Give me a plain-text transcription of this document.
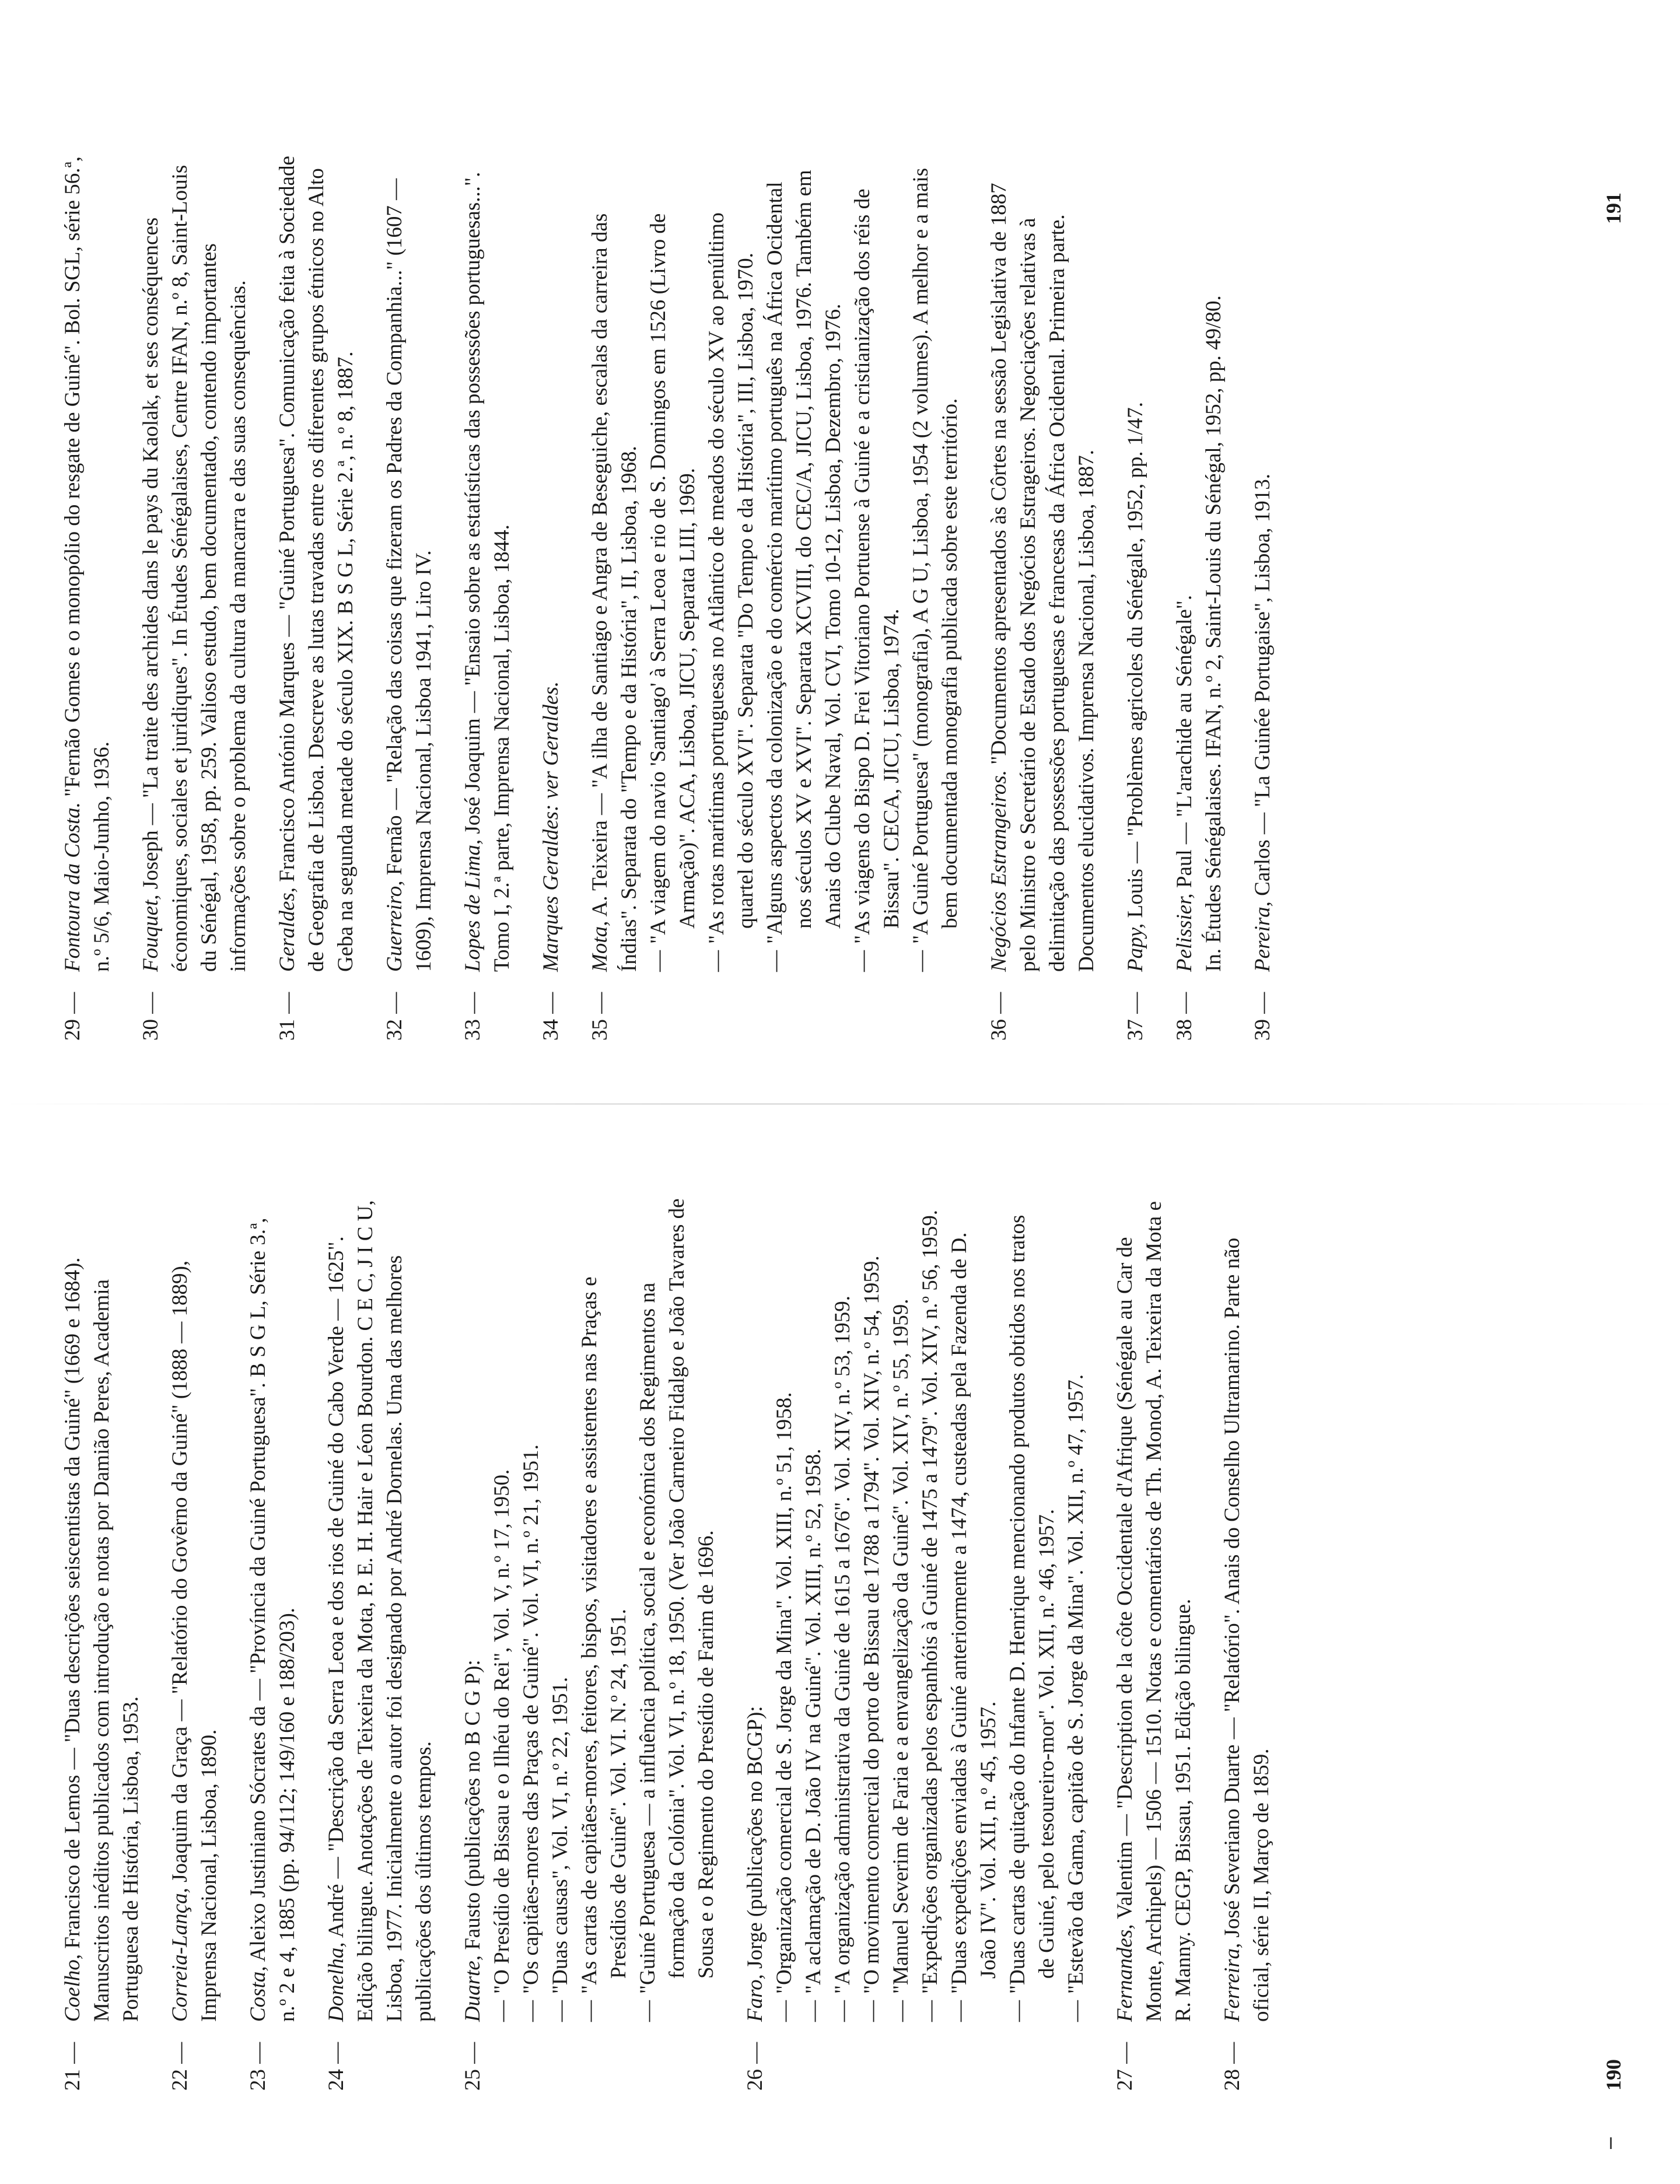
21 —

Coelho, Francisco de Lemos — "Duas descrições seiscentistas da Guiné" (1669 e 1684). Manuscritos inéditos publicados com introdução e notas por Damião Peres, Academia Portuguesa de História, Lisboa, 1953.

22 —

Correia-Lança, Joaquim da Graça — "Relatório do Govêrno da Guiné" (1888 — 1889), Imprensa Nacional, Lisboa, 1890.

23 —

Costa, Aleixo Justiniano Sócrates da — "Província da Guiné Portuguesa". B S G L, Série 3.ª, n.º 2 e 4, 1885 (pp. 94/112; 149/160 e 188/203).

24 —

Donelha, André — "Descrição da Serra Leoa e dos rios de Guiné do Cabo Verde — 1625". Edição bilingue. Anotações de Teixeira da Mota, P. E. H. Hair e Léon Bourdon. C E C, J I C U, Lisboa, 1977. Inicialmente o autor foi designado por André Dornelas. Uma das melhores publicações dos últimos tempos.

25 —

Duarte, Fausto (publicações no B C G P):

—
"O Presídio de Bissau e o Ilhéu do Rei", Vol. V, n.º 17, 1950.
—
"Os capitães-mores das Praças de Guiné". Vol. VI, n.º 21, 1951.
—
"Duas causas", Vol. VI, n.º 22, 1951.
—
"As cartas de capitães-mores, feitores, bispos, visitadores e assistentes nas Praças e Presídios de Guiné". Vol. VI. N.º 24, 1951.
—
"Guiné Portuguesa — a influência política, social e económica dos Regimentos na formação da Colónia". Vol. VI, n.º 18, 1950. (Ver João Carneiro Fidalgo e João Tavares de Sousa e o Regimento do Presídio de Farim de 1696.
26 —

Faro, Jorge (publicações no BCGP):

—
"Organização comercial de S. Jorge da Mina". Vol. XIII, n.º 51, 1958.
—
"A aclamação de D. João IV na Guiné". Vol. XIII, n.º 52, 1958.
—
"A organização administrativa da Guiné de 1615 a 1676". Vol. XIV, n.º 53, 1959.
—
"O movimento comercial do porto de Bissau de 1788 a 1794". Vol. XIV, n.º 54, 1959.
—
"Manuel Severim de Faria e a envangelização da Guiné". Vol. XIV, n.º 55, 1959.
—
"Expedições organizadas pelos espanhóis à Guiné de 1475 a 1479". Vol. XIV, n.º 56, 1959.
—
"Duas expedições enviadas à Guiné anteriormente a 1474, custeadas pela Fazenda de D. João IV". Vol. XII, n.º 45, 1957.
—
"Duas cartas de quitação do Infante D. Henrique mencionando produtos obtidos nos tratos de Guiné, pelo tesoureiro-mor". Vol. XII, n.º 46, 1957.
—
"Estevão da Gama, capitão de S. Jorge da Mina". Vol. XII, n.º 47, 1957.
27 —

Fernandes, Valentim — "Description de la côte Occidentale d'Afrique (Sénégale au Car de Monte, Archipels) — 1506 — 1510. Notas e comentários de Th. Monod, A. Teixeira da Mota e R. Manny. CEGP, Bissau, 1951. Edição bilingue.

28 —

Ferreira, José Severiano Duarte — "Relatório". Anais do Conselho Ultramarino. Parte não oficial, série II, Março de 1859.

190
29 —

Fontoura da Costa. "Fernão Gomes e o monopólio do resgate de Guiné". Bol. SGL, série 56.ª, n.º 5/6, Maio-Junho, 1936.

30 —

Fouquet, Joseph — "La traite des archides dans le pays du Kaolak, et ses conséquences économiques, sociales et juridiques". In Études Sénégalaises, Centre IFAN, n.º 8, Saint-Louis du Sénégal, 1958, pp. 259. Valioso estudo, bem documentado, contendo importantes informações sobre o problema da cultura da mancarra e das suas consequências.

31 —

Geraldes, Francisco António Marques — "Guiné Portuguesa". Comunicação feita à Sociedade de Geografia de Lisboa. Descreve as lutas travadas entre os diferentes grupos étnicos no Alto Geba na segunda metade do século XIX. B S G L, Série 2.ª, n.º 8, 1887.

32 —

Guerreiro, Fernão — "Relação das coisas que fizeram os Padres da Companhia..." (1607 — 1609), Imprensa Nacional, Lisboa 1941, Liro IV.

33 —

Lopes de Lima, José Joaquim — "Ensaio sobre as estatísticas das possessões portuguesas...". Tomo I, 2.ª parte, Imprensa Nacional, Lisboa, 1844.

34 —

Marques Geraldes: ver Geraldes.

35 —

Mota, A. Teixeira — "A ilha de Santiago e Angra de Beseguiche, escalas da carreira das Índias". Separata do "Tempo e da História", II, Lisboa, 1968. —
"A viagem do navio 'Santiago' à Serra Leoa e rio de S. Domingos em 1526 (Livro de Armação)". ACA, Lisboa, JICU, Separata LIII, 1969.
—
"As rotas marítimas portuguesas no Atlântico de meados do século XV ao penúltimo quartel do século XVI". Separata "Do Tempo e da História", III, Lisboa, 1970.
—
"Alguns aspectos da colonização e do comércio marítimo português na África Ocidental nos séculos XV e XVI". Separata XCVIII, do CEC/A, JICU, Lisboa, 1976. Também em Anais do Clube Naval, Vol. CVI, Tomo 10-12, Lisboa, Dezembro, 1976.
—
"As viagens do Bispo D. Frei Vitoriano Portuense à Guiné e a cristianização dos réis de Bissau". CECA, JICU, Lisboa, 1974.
—
"A Guiné Portuguesa" (monografia), A G U, Lisboa, 1954 (2 volumes). A melhor e a mais bem documentada monografia publicada sobre este território.
36 —

Negócios Estrangeiros. "Documentos apresentados às Côrtes na sessão Legislativa de 1887 pelo Ministro e Secretário de Estado dos Negócios Estrageiros. Negociações relativas à delimitação das possessões portuguesas e francesas da África Ocidental. Primeira parte. Documentos elucidativos. Imprensa Nacional, Lisboa, 1887.

37 —

Papy, Louis — "Problèmes agricoles du Sénégale, 1952, pp. 1/47.

38 —

Pelissier, Paul — "L'arachide au Sénégale". In. Études Sénégalaises. IFAN, n.º 2, Saint-Louis du Sénégal, 1952, pp. 49/80.

39 —

Pereira, Carlos — "La Guinée Portugaise", Lisboa, 1913.

191
